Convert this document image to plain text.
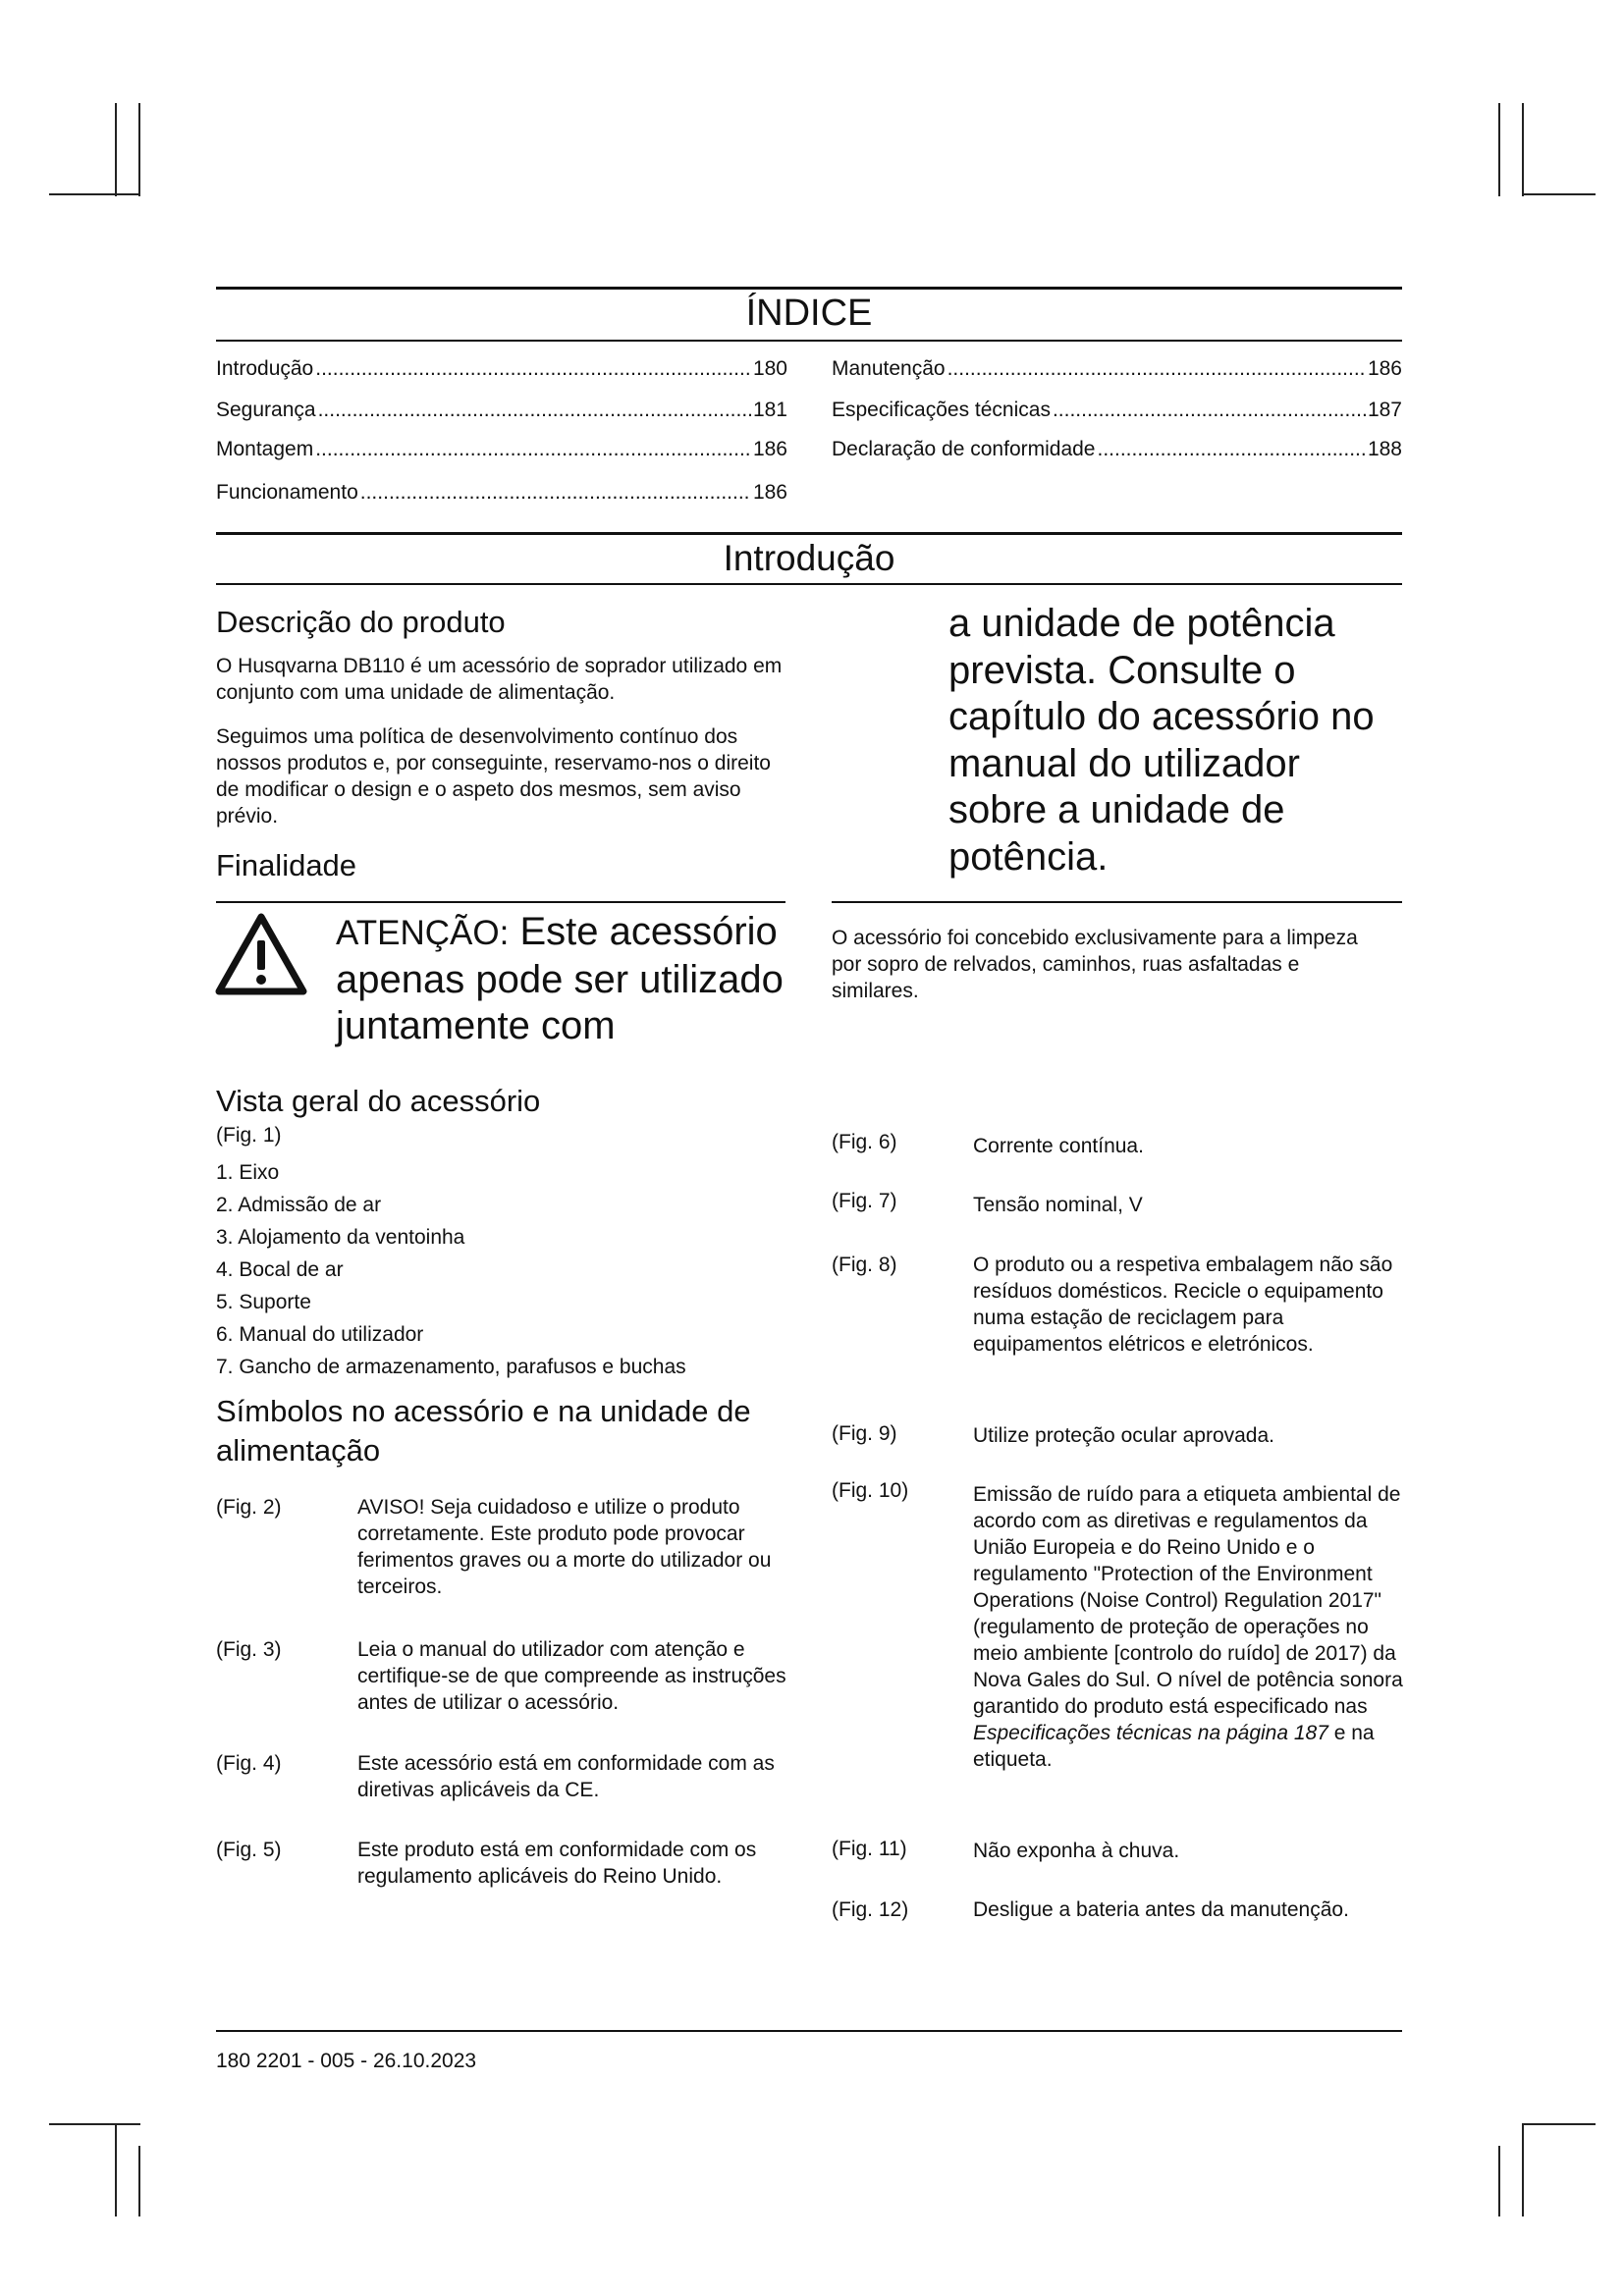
ÍNDICE
Introdução .....	180
Segurança .....	181
Montagem .....	186
Funcionamento .....	186
Manutenção .....	186
Especificações técnicas .....	187
Declaração de conformidade .....	188
Introdução
Descrição do produto
O Husqvarna DB110 é um acessório de soprador utilizado em conjunto com uma unidade de alimentação.
Seguimos uma política de desenvolvimento contínuo dos nossos produtos e, por conseguinte, reservamo-nos o direito de modificar o design e o aspeto dos mesmos, sem aviso prévio.
Finalidade
ATENÇÃO: Este acessório apenas pode ser utilizado juntamente com
a unidade de potência prevista. Consulte o capítulo do acessório no manual do utilizador sobre a unidade de potência.
O acessório foi concebido exclusivamente para a limpeza por sopro de relvados, caminhos, ruas asfaltadas e similares.
Vista geral do acessório
(Fig. 1)
1. Eixo
2. Admissão de ar
3. Alojamento da ventoinha
4. Bocal de ar
5. Suporte
6. Manual do utilizador
7. Gancho de armazenamento, parafusos e buchas
Símbolos no acessório e na unidade de alimentação
(Fig. 2)	AVISO! Seja cuidadoso e utilize o produto corretamente. Este produto pode provocar ferimentos graves ou a morte do utilizador ou terceiros.
(Fig. 3)	Leia o manual do utilizador com atenção e certifique-se de que compreende as instruções antes de utilizar o acessório.
(Fig. 4)	Este acessório está em conformidade com as diretivas aplicáveis da CE.
(Fig. 5)	Este produto está em conformidade com os regulamento aplicáveis do Reino Unido.
(Fig. 6)	Corrente contínua.
(Fig. 7)	Tensão nominal, V
(Fig. 8)	O produto ou a respetiva embalagem não são resíduos domésticos. Recicle o equipamento numa estação de reciclagem para equipamentos elétricos e eletrónicos.
(Fig. 9)	Utilize proteção ocular aprovada.
(Fig. 10)	Emissão de ruído para a etiqueta ambiental de acordo com as diretivas e regulamentos da União Europeia e do Reino Unido e o regulamento "Protection of the Environment Operations (Noise Control) Regulation 2017" (regulamento de proteção de operações no meio ambiente [controlo do ruído] de 2017) da Nova Gales do Sul. O nível de potência sonora garantido do produto está especificado nas Especificações técnicas na página 187 e na etiqueta.
(Fig. 11)	Não exponha à chuva.
(Fig. 12)	Desligue a bateria antes da manutenção.
180 2201 - 005 - 26.10.2023
